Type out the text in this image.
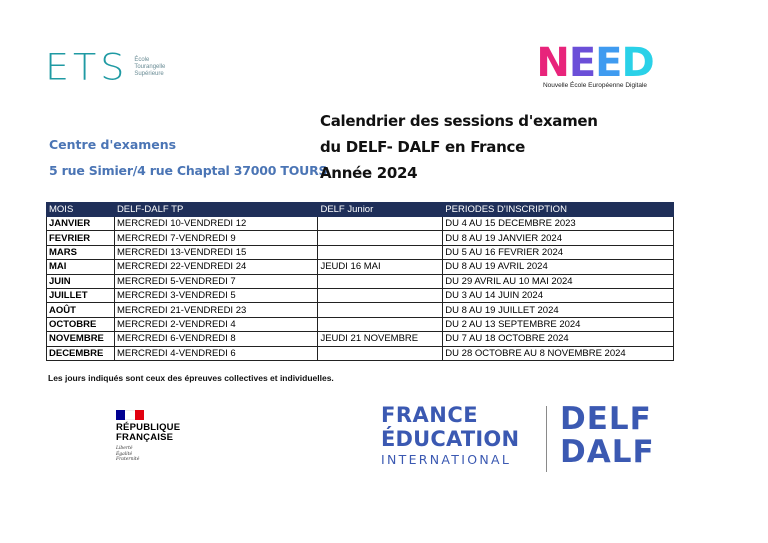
ETS École
Tourangelle
Supérieure	NEED
Nouvelle École Européenne Digitale
Centre d'examens
5 rue Simier/4 rue Chaptal 37000 TOURS
Calendrier des sessions d'examen
du DELF- DALF en France
Année 2024
MOIS	DELF-DALF TP	DELF Junior	PERIODES D'INSCRIPTION
JANVIER	MERCREDI 10-VENDREDI 12		DU 4 AU 15 DECEMBRE 2023
FEVRIER	MERCREDI 7-VENDREDI 9		DU 8 AU 19 JANVIER 2024
MARS	MERCREDI 13-VENDREDI 15		DU 5 AU 16 FEVRIER 2024
MAI	MERCREDI 22-VENDREDI 24	JEUDI 16 MAI	DU 8 AU 19 AVRIL 2024
JUIN	MERCREDI 5-VENDREDI 7		DU 29 AVRIL AU 10 MAI 2024
JUILLET	MERCREDI 3-VENDREDI 5		DU 3 AU 14 JUIN 2024
AOÛT	MERCREDI 21-VENDREDI 23		DU 8 AU 19 JUILLET 2024
OCTOBRE	MERCREDI 2-VENDREDI 4		DU 2 AU 13 SEPTEMBRE 2024
NOVEMBRE	MERCREDI 6-VENDREDI 8	JEUDI 21 NOVEMBRE	DU 7 AU 18 OCTOBRE 2024
DECEMBRE	MERCREDI 4-VENDREDI 6		DU 28 OCTOBRE AU 8 NOVEMBRE 2024
Les jours indiqués sont ceux des épreuves collectives et individuelles.
RÉPUBLIQUE
FRANÇAISE
Liberté
Égalité
Fraternité
FRANCE
ÉDUCATION
INTERNATIONAL
DELF
DALF
